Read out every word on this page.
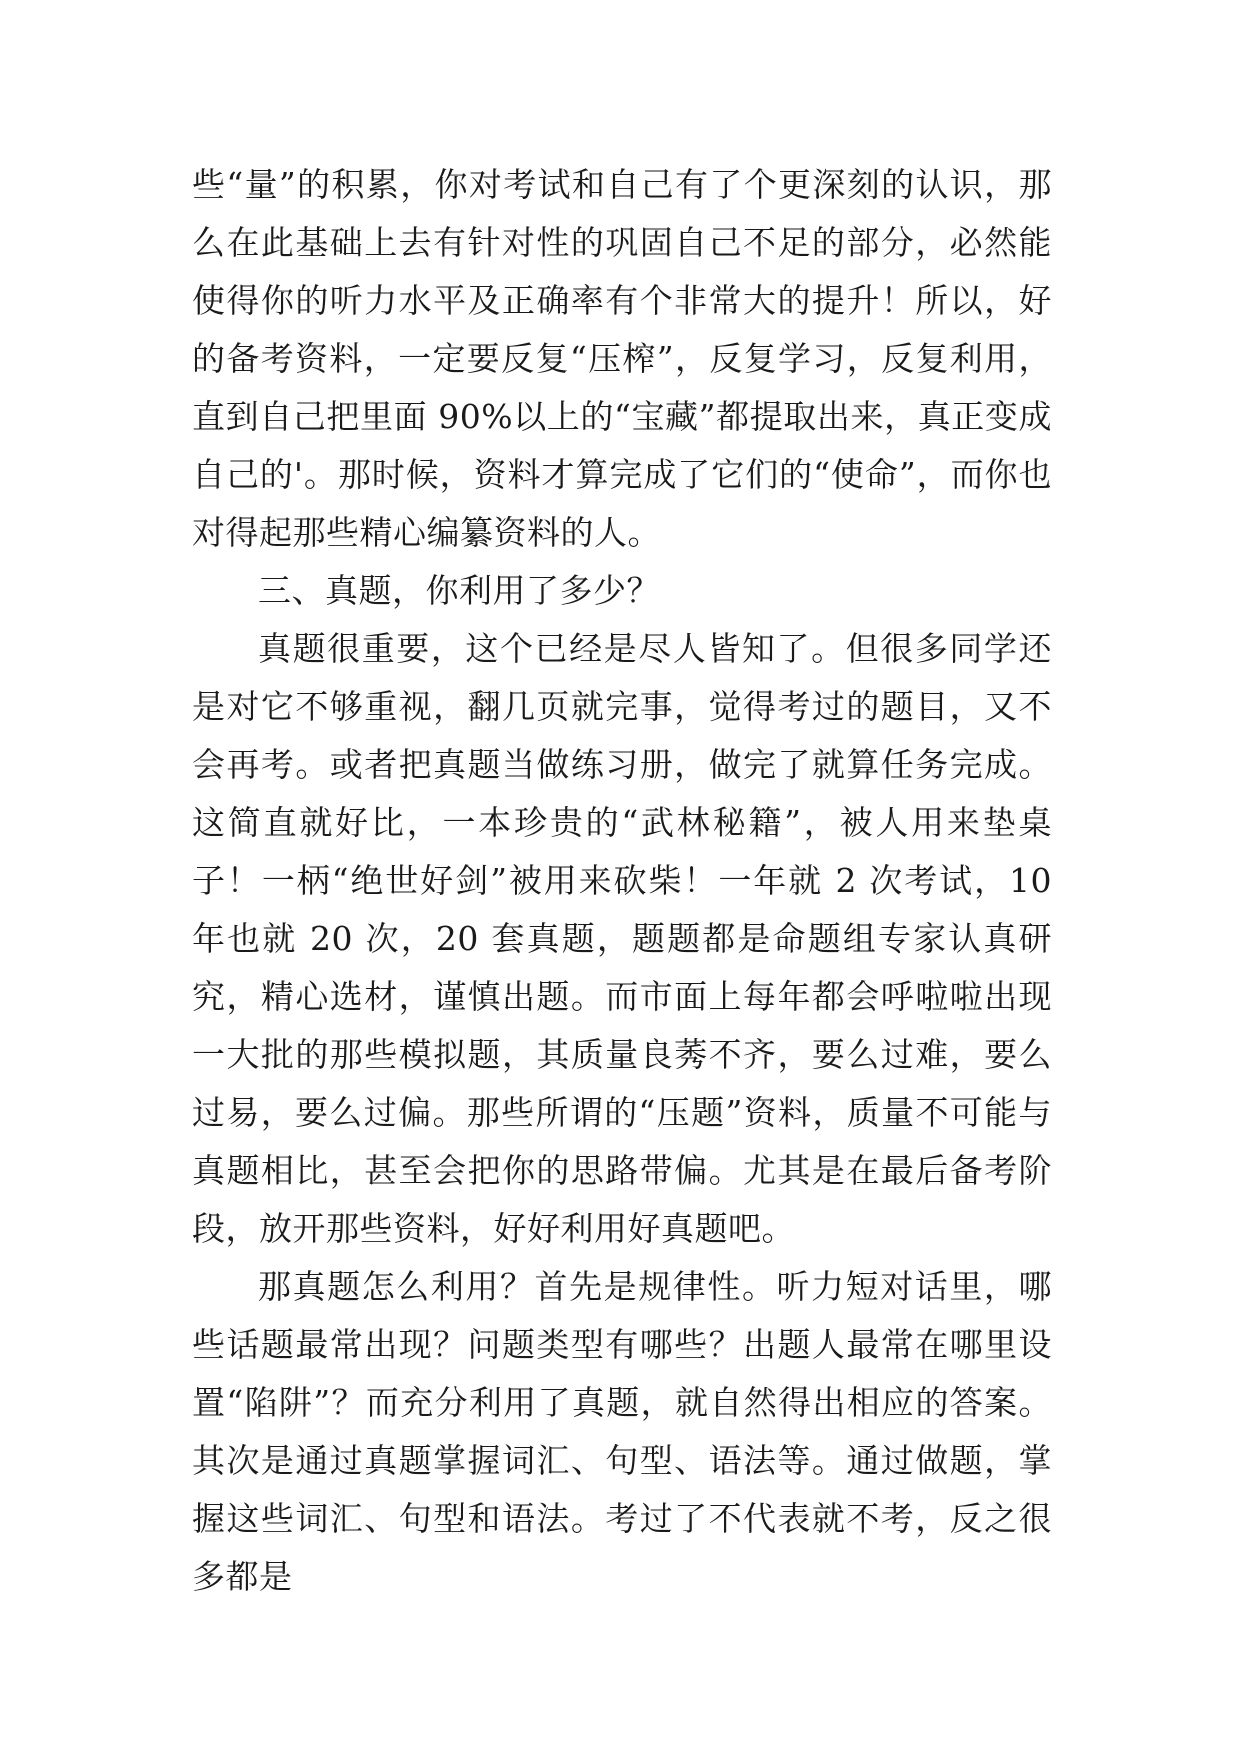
些“量”的积累，你对考试和自己有了个更深刻的认识，那么在此基础上去有针对性的巩固自己不足的部分，必然能使得你的听力水平及正确率有个非常大的提升！所以，好的备考资料，一定要反复“压榨”，反复学习，反复利用，直到自己把里面 90%以上的“宝藏”都提取出来，真正变成自己的'。那时候，资料才算完成了它们的“使命”，而你也对得起那些精心编纂资料的人。

三、真题，你利用了多少？

真题很重要，这个已经是尽人皆知了。但很多同学还是对它不够重视，翻几页就完事，觉得考过的题目，又不会再考。或者把真题当做练习册，做完了就算任务完成。这简直就好比，一本珍贵的“武林秘籍”，被人用来垫桌子！一柄“绝世好剑”被用来砍柴！一年就 2 次考试，10 年也就 20 次，20 套真题，题题都是命题组专家认真研究，精心选材，谨慎出题。而市面上每年都会呼啦啦出现一大批的那些模拟题，其质量良莠不齐，要么过难，要么过易，要么过偏。那些所谓的“压题”资料，质量不可能与真题相比，甚至会把你的思路带偏。尤其是在最后备考阶段，放开那些资料，好好利用好真题吧。

那真题怎么利用？首先是规律性。听力短对话里，哪些话题最常出现？问题类型有哪些？出题人最常在哪里设置“陷阱”？而充分利用了真题，就自然得出相应的答案。其次是通过真题掌握词汇、句型、语法等。通过做题，掌握这些词汇、句型和语法。考过了不代表就不考，反之很多都是
